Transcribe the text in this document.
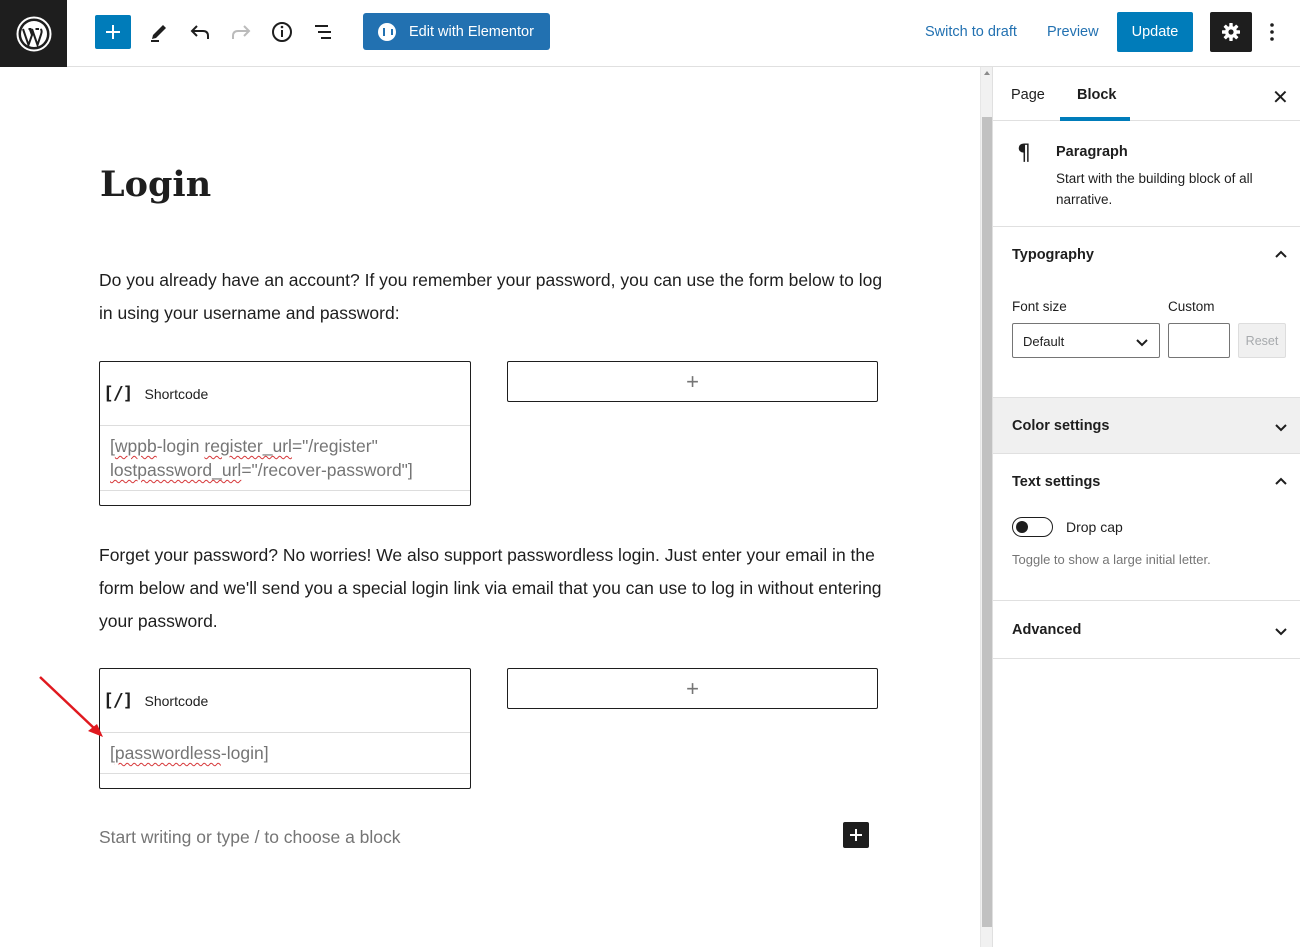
Edit with Elementor	Switch to draft Preview	Update
Login

Do you already have an account? If you remember your password, you can use the form below to log in using your username and password:

[/] Shortcode
[wppb-login register_url="/register" lostpassword_url="/recover-password"]
+

Forget your password? No worries! We also support passwordless login. Just enter your email in the form below and we'll send you a special login link via email that you can use to log in without entering your password.

[/] Shortcode
[passwordless-login]
+
Start writing or type / to choose a block
Page Block	✕
¶ Paragraph
Start with the building block of all narrative.
Typography
Font size	Custom
Default	Reset
Color settings
Text settings
Drop cap
Toggle to show a large initial letter.
Advanced
